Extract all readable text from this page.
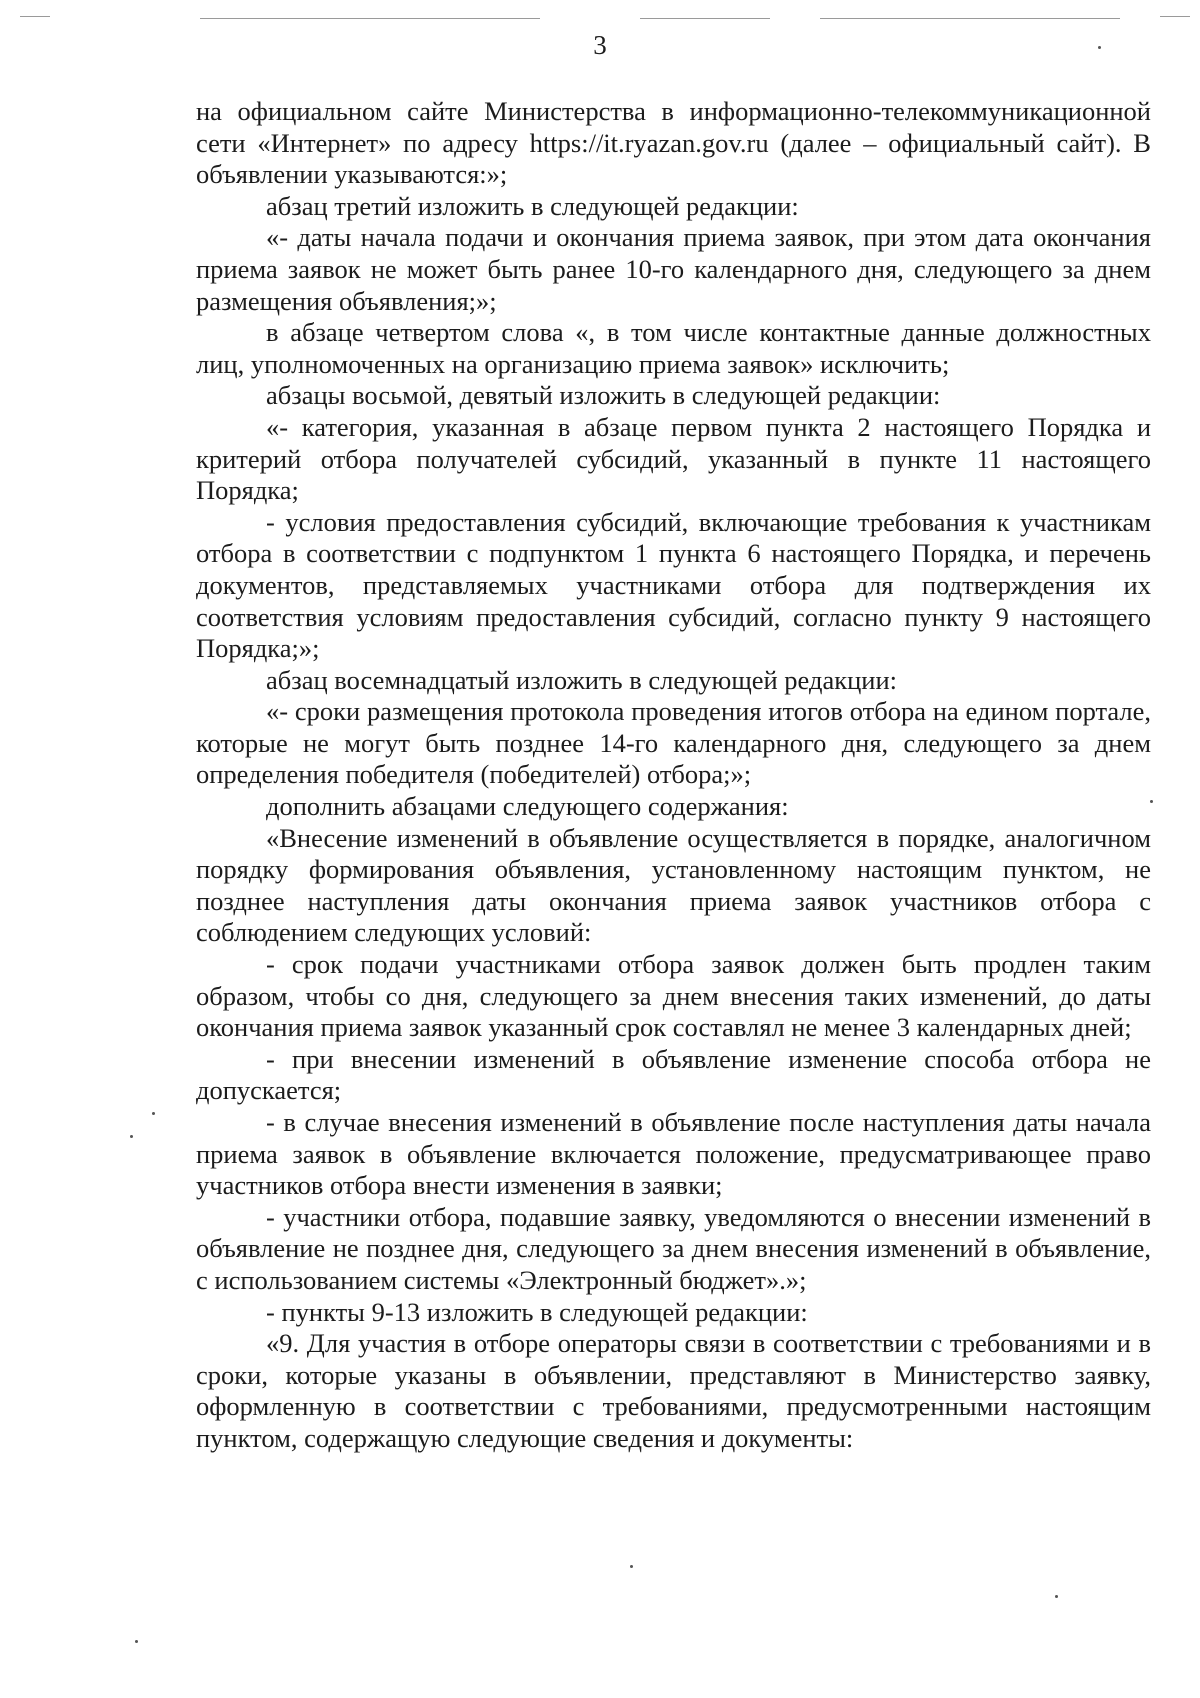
3

на официальном сайте Министерства в информационно-телекоммуникационной сети «Интернет» по адресу https://it.ryazan.gov.ru (далее – официальный сайт). В объявлении указываются:»;

абзац третий изложить в следующей редакции:

«- даты начала подачи и окончания приема заявок, при этом дата окончания приема заявок не может быть ранее 10-го календарного дня, следующего за днем размещения объявления;»;

в абзаце четвертом слова «, в том числе контактные данные должностных лиц, уполномоченных на организацию приема заявок» исключить;

абзацы восьмой, девятый изложить в следующей редакции:

«- категория, указанная в абзаце первом пункта 2 настоящего Порядка и критерий отбора получателей субсидий, указанный в пункте 11 настоящего Порядка;

- условия предоставления субсидий, включающие требования к участникам отбора в соответствии с подпунктом 1 пункта 6 настоящего Порядка, и перечень документов, представляемых участниками отбора для подтверждения их соответствия условиям предоставления субсидий, согласно пункту 9 настоящего Порядка;»;

абзац восемнадцатый изложить в следующей редакции:

«- сроки размещения протокола проведения итогов отбора на едином портале, которые не могут быть позднее 14-го календарного дня, следующего за днем определения победителя (победителей) отбора;»;

дополнить абзацами следующего содержания:

«Внесение изменений в объявление осуществляется в порядке, аналогичном порядку формирования объявления, установленному настоящим пунктом, не позднее наступления даты окончания приема заявок участников отбора с соблюдением следующих условий:

- срок подачи участниками отбора заявок должен быть продлен таким образом, чтобы со дня, следующего за днем внесения таких изменений, до даты окончания приема заявок указанный срок составлял не менее 3 календарных дней;

- при внесении изменений в объявление изменение способа отбора не допускается;

- в случае внесения изменений в объявление после наступления даты начала приема заявок в объявление включается положение, предусматривающее право участников отбора внести изменения в заявки;

- участники отбора, подавшие заявку, уведомляются о внесении изменений в объявление не позднее дня, следующего за днем внесения изменений в объявление, с использованием системы «Электронный бюджет».»;

- пункты 9-13 изложить в следующей редакции:

«9. Для участия в отборе операторы связи в соответствии с требованиями и в сроки, которые указаны в объявлении, представляют в Министерство заявку, оформленную в соответствии с требованиями, предусмотренными настоящим пунктом, содержащую следующие сведения и документы:
